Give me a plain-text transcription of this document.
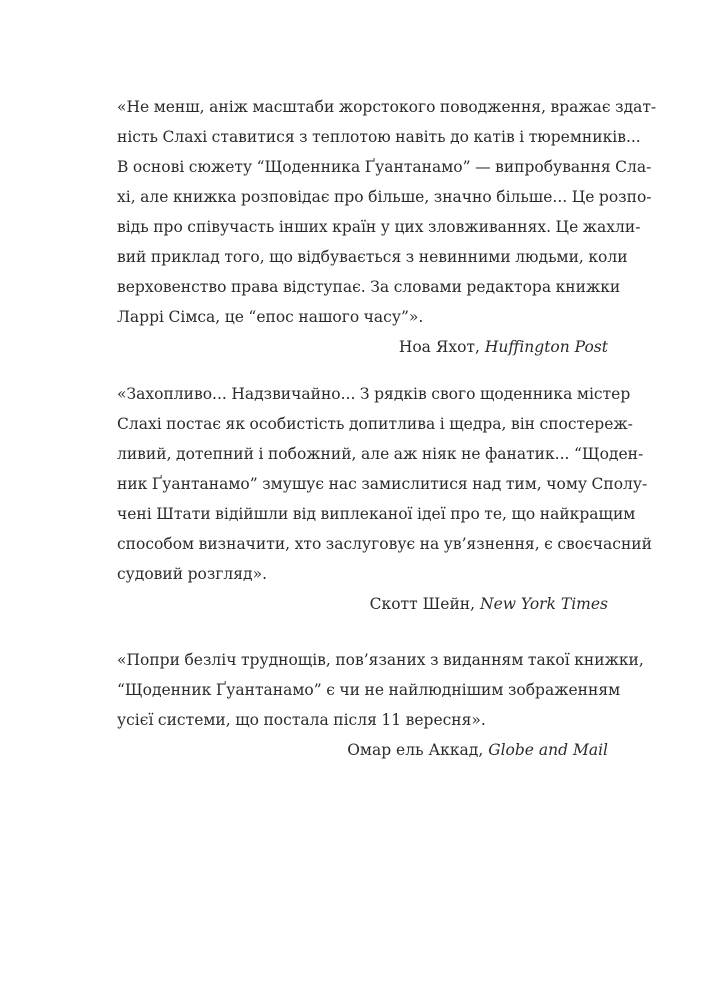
«Не менш, аніж масштаби жорстокого поводження, вражає здат-
ність Слахі ставитися з теплотою навіть до катів і тюремників...
В основі сюжету “Щоденника Ґуантанамо” — випробування Сла-
хі, але книжка розповідає про більше, значно більше... Це розпо-
відь про співучасть інших країн у цих зловживаннях. Це жахли-
вий приклад того, що відбувається з невинними людьми, коли
верховенство права відступає. За словами редактора книжки
Ларрі Сімса, це “епос нашого часу”».

Ноа Яхот, Huffington Post

«Захопливо... Надзвичайно... З рядків свого щоденника містер
Слахі постає як особистість допитлива і щедра, він спостереж-
ливий, дотепний і побожний, але аж ніяк не фанатик... “Щоден-
ник Ґуантанамо” змушує нас замислитися над тим, чому Сполу-
чені Штати відійшли від виплеканої ідеї про те, що найкращим
способом визначити, хто заслуговує на ув’язнення, є своєчасний
судовий розгляд».

Скотт Шейн, New York Times

«Попри безліч труднощів, пов’язаних з виданням такої книжки,
“Щоденник Ґуантанамо” є чи не найлюднішим зображенням
усієї системи, що постала після 11 вересня».

Омар ель Аккад, Globe and Mail
